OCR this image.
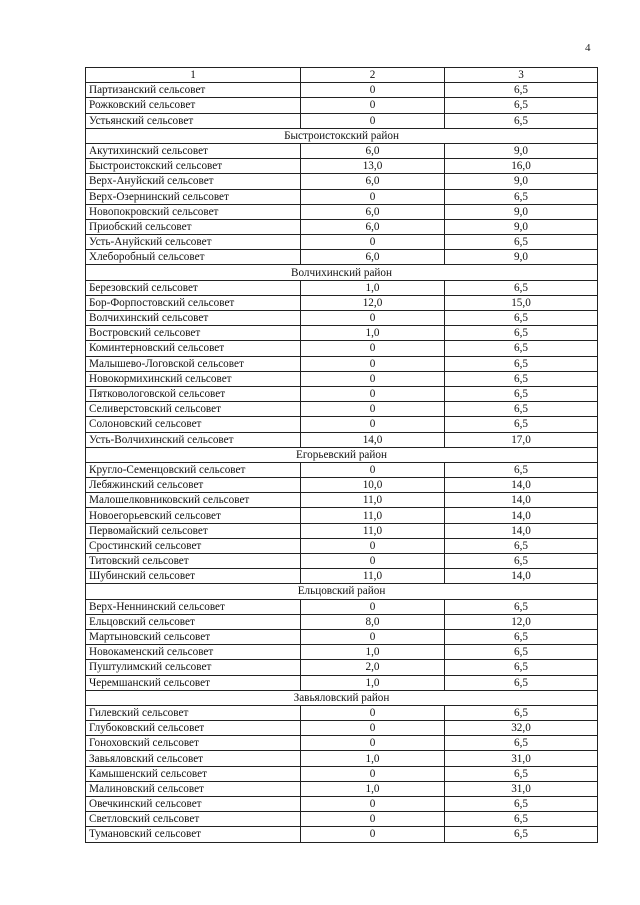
4
1	2	3
Партизанский сельсовет	0	6,5
Рожковский сельсовет	0	6,5
Устьянский сельсовет	0	6,5
Быстроистокский район		
Акутихинский сельсовет	6,0	9,0
Быстроистокский сельсовет	13,0	16,0
Верх-Ануйский сельсовет	6,0	9,0
Верх-Озернинский сельсовет	0	6,5
Новопокровский сельсовет	6,0	9,0
Приобский сельсовет	6,0	9,0
Усть-Ануйский сельсовет	0	6,5
Хлеборобный сельсовет	6,0	9,0
Волчихинский район		
Березовский сельсовет	1,0	6,5
Бор-Форпостовский сельсовет	12,0	15,0
Волчихинский сельсовет	0	6,5
Востровский сельсовет	1,0	6,5
Коминтерновский сельсовет	0	6,5
Малышево-Логовской сельсовет	0	6,5
Новокормихинский сельсовет	0	6,5
Пятковологовской сельсовет	0	6,5
Селиверстовский сельсовет	0	6,5
Солоновский сельсовет	0	6,5
Усть-Волчихинский сельсовет	14,0	17,0
Егорьевский район		
Кругло-Семенцовский сельсовет	0	6,5
Лебяжинский сельсовет	10,0	14,0
Малошелковниковский сельсовет	11,0	14,0
Новоегорьевский сельсовет	11,0	14,0
Первомайский сельсовет	11,0	14,0
Сростинский сельсовет	0	6,5
Титовский сельсовет	0	6,5
Шубинский сельсовет	11,0	14,0
Ельцовский район		
Верх-Неннинский сельсовет	0	6,5
Ельцовский сельсовет	8,0	12,0
Мартыновский сельсовет	0	6,5
Новокаменский сельсовет	1,0	6,5
Пуштулимский сельсовет	2,0	6,5
Черемшанский сельсовет	1,0	6,5
Завьяловский район		
Гилевский сельсовет	0	6,5
Глубоковский сельсовет	0	32,0
Гоноховский сельсовет	0	6,5
Завьяловский сельсовет	1,0	31,0
Камышенский сельсовет	0	6,5
Малиновский сельсовет	1,0	31,0
Овечкинский сельсовет	0	6,5
Светловский сельсовет	0	6,5
Тумановский сельсовет	0	6,5
